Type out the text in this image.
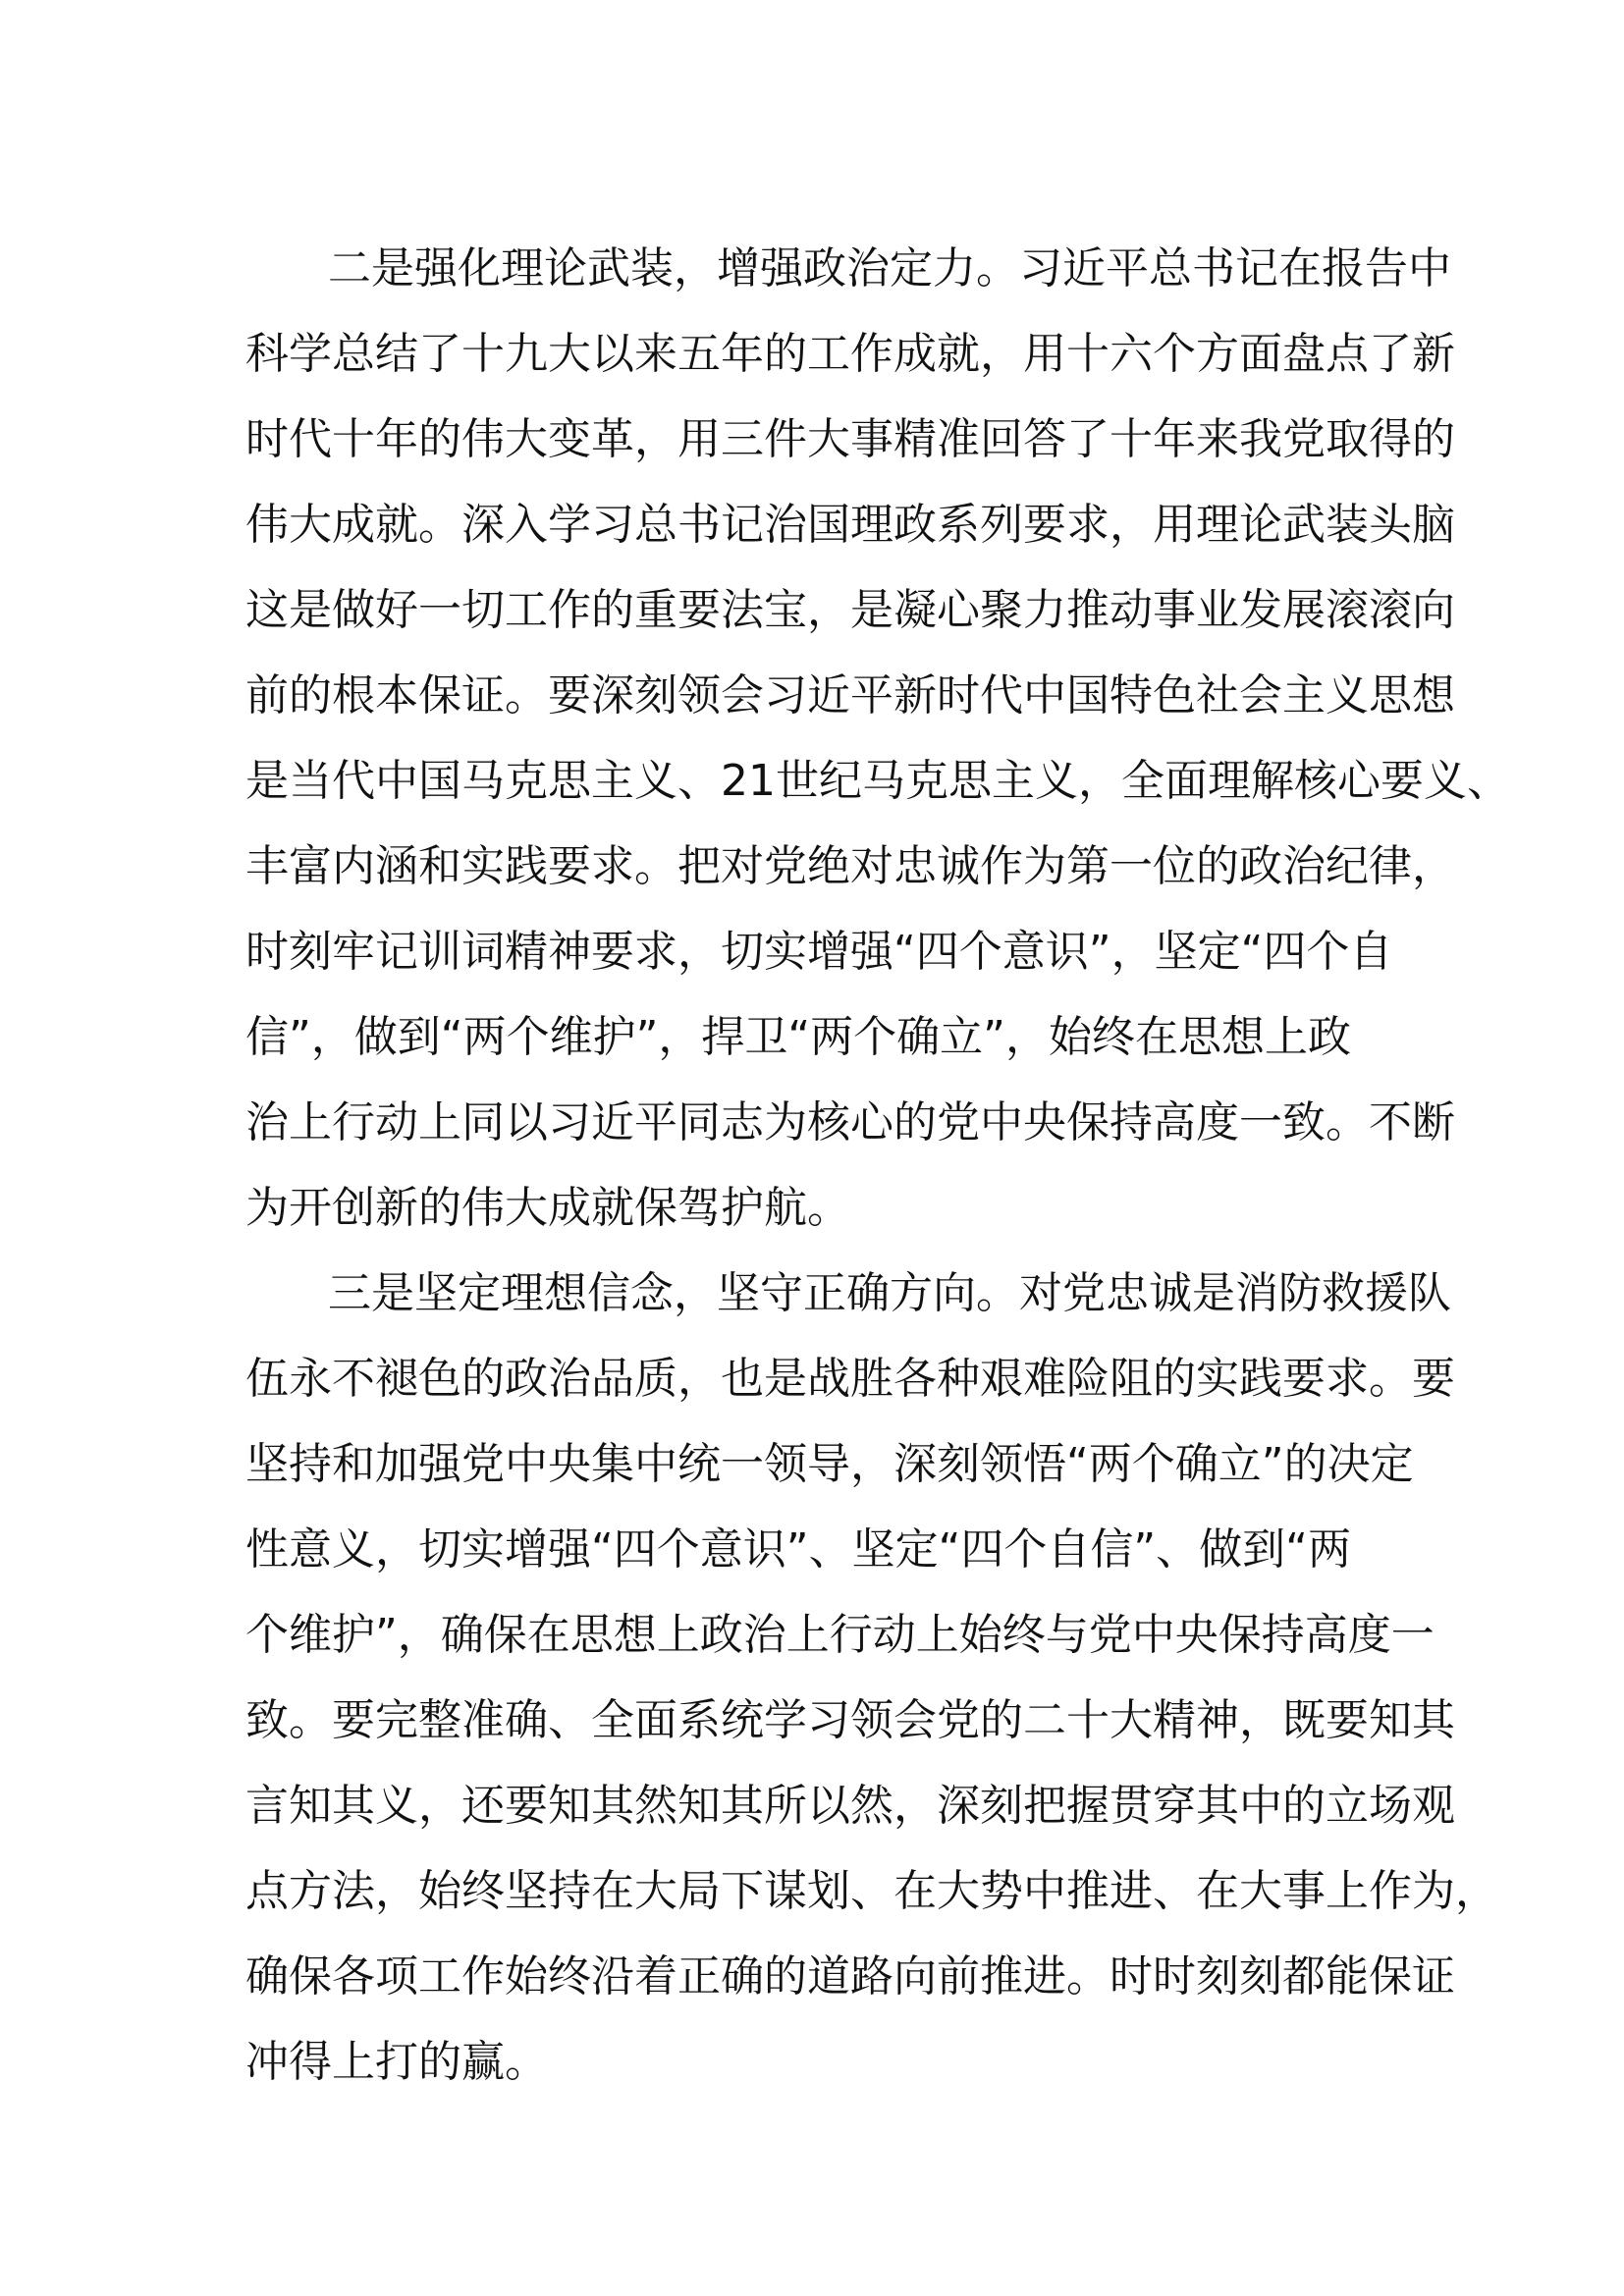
二是强化理论武装，增强政治定力。习近平总书记在报告中
科学总结了十九大以来五年的工作成就，用十六个方面盘点了新
时代十年的伟大变革，用三件大事精准回答了十年来我党取得的
伟大成就。深入学习总书记治国理政系列要求，用理论武装头脑
这是做好一切工作的重要法宝，是凝心聚力推动事业发展滚滚向
前的根本保证。要深刻领会习近平新时代中国特色社会主义思想
是当代中国马克思主义、21世纪马克思主义，全面理解核心要义、
丰富内涵和实践要求。把对党绝对忠诚作为第一位的政治纪律，
时刻牢记训词精神要求，切实增强“四个意识”，坚定“四个自
信”，做到“两个维护”，捍卫“两个确立”，始终在思想上政
治上行动上同以习近平同志为核心的党中央保持高度一致。不断
为开创新的伟大成就保驾护航。
三是坚定理想信念，坚守正确方向。对党忠诚是消防救援队
伍永不褪色的政治品质，也是战胜各种艰难险阻的实践要求。要
坚持和加强党中央集中统一领导，深刻领悟“两个确立”的决定
性意义，切实增强“四个意识”、坚定“四个自信”、做到“两
个维护”，确保在思想上政治上行动上始终与党中央保持高度一
致。要完整准确、全面系统学习领会党的二十大精神，既要知其
言知其义，还要知其然知其所以然，深刻把握贯穿其中的立场观
点方法，始终坚持在大局下谋划、在大势中推进、在大事上作为，
确保各项工作始终沿着正确的道路向前推进。时时刻刻都能保证
冲得上打的赢。
